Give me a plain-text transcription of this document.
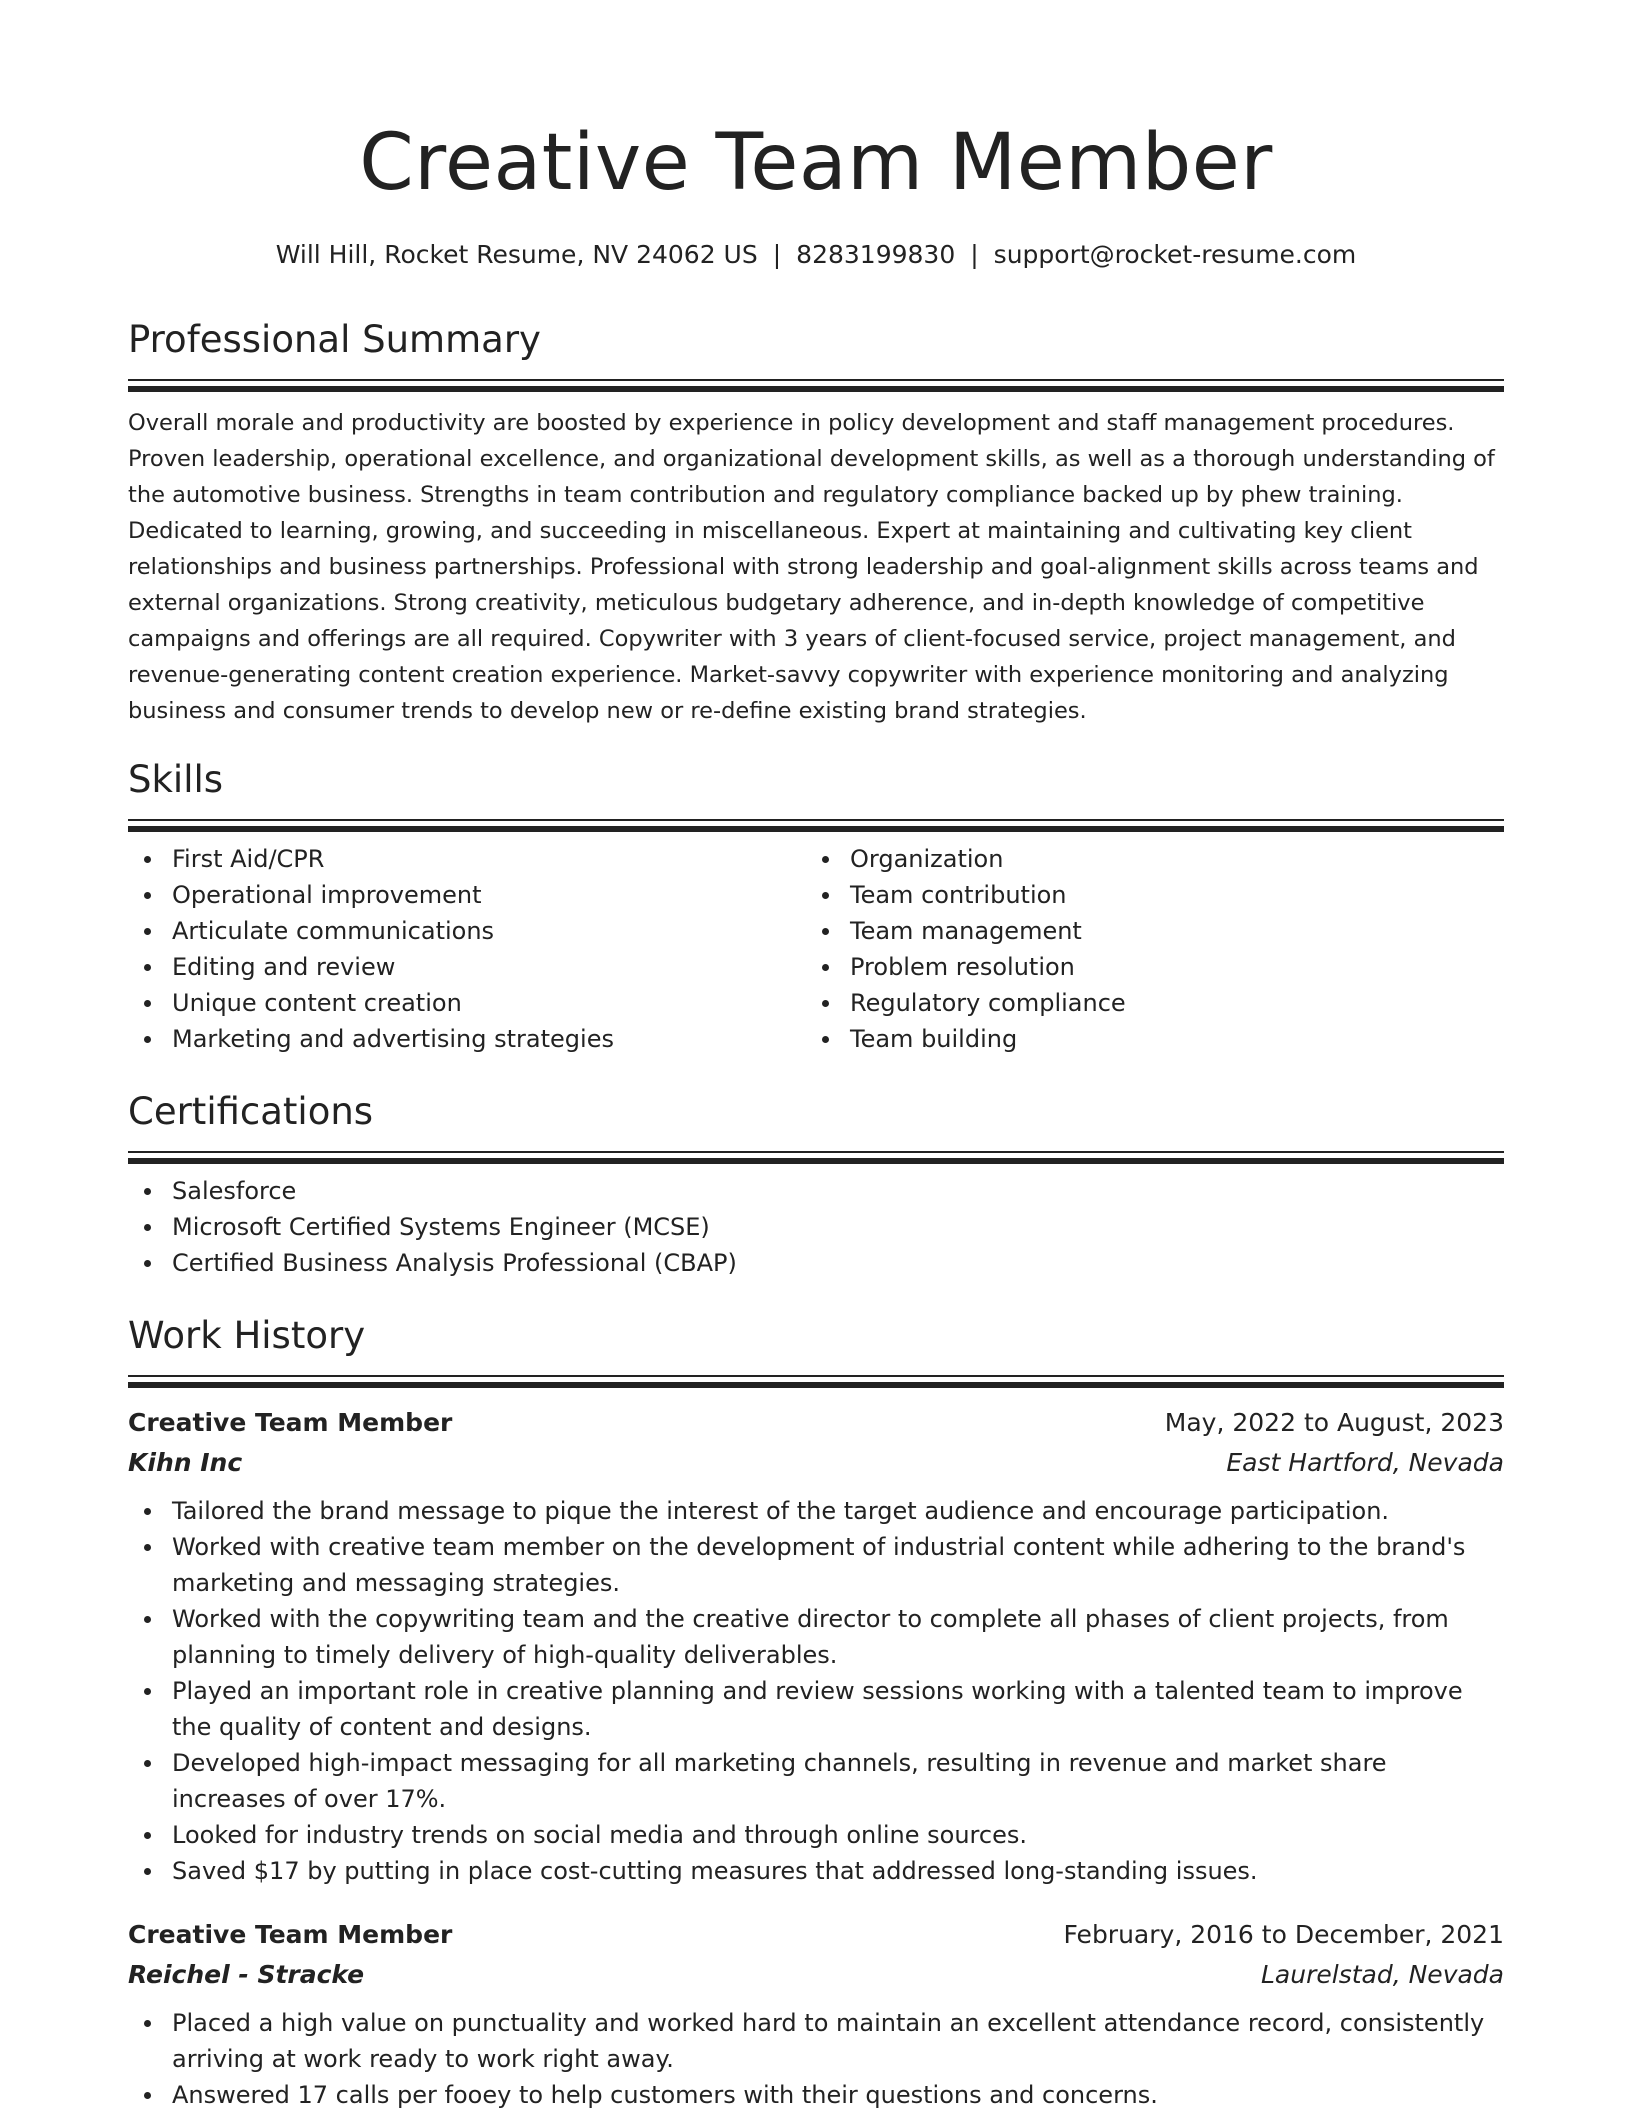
Creative Team Member
Will Hill, Rocket Resume, NV 24062 US | 8283199830 | support@rocket-resume.com
Professional Summary

Overall morale and productivity are boosted by experience in policy development and staff management procedures. Proven leadership, operational excellence, and organizational development skills, as well as a thorough understanding of the automotive business. Strengths in team contribution and regulatory compliance backed up by phew training. Dedicated to learning, growing, and succeeding in miscellaneous. Expert at maintaining and cultivating key client relationships and business partnerships. Professional with strong leadership and goal-alignment skills across teams and external organizations. Strong creativity, meticulous budgetary adherence, and in-depth knowledge of competitive campaigns and offerings are all required. Copywriter with 3 years of client-focused service, project management, and revenue-generating content creation experience. Market-savvy copywriter with experience monitoring and analyzing business and consumer trends to develop new or re-define existing brand strategies.

Skills
First Aid/CPR
Operational improvement
Articulate communications
Editing and review
Unique content creation
Marketing and advertising strategies
Organization
Team contribution
Team management
Problem resolution
Regulatory compliance
Team building
Certifications
Salesforce
Microsoft Certified Systems Engineer (MCSE)
Certified Business Analysis Professional (CBAP)
Work History
Creative Team Member	May, 2022 to August, 2023
Kihn Inc	East Hartford, Nevada
Tailored the brand message to pique the interest of the target audience and encourage participation.
Worked with creative team member on the development of industrial content while adhering to the brand's marketing and messaging strategies.
Worked with the copywriting team and the creative director to complete all phases of client projects, from planning to timely delivery of high-quality deliverables.
Played an important role in creative planning and review sessions working with a talented team to improve the quality of content and designs.
Developed high-impact messaging for all marketing channels, resulting in revenue and market share increases of over 17%.
Looked for industry trends on social media and through online sources.
Saved $17 by putting in place cost-cutting measures that addressed long-standing issues.
Creative Team Member	February, 2016 to December, 2021
Reichel - Stracke	Laurelstad, Nevada
Placed a high value on punctuality and worked hard to maintain an excellent attendance record, consistently arriving at work ready to work right away.
Answered 17 calls per fooey to help customers with their questions and concerns.
